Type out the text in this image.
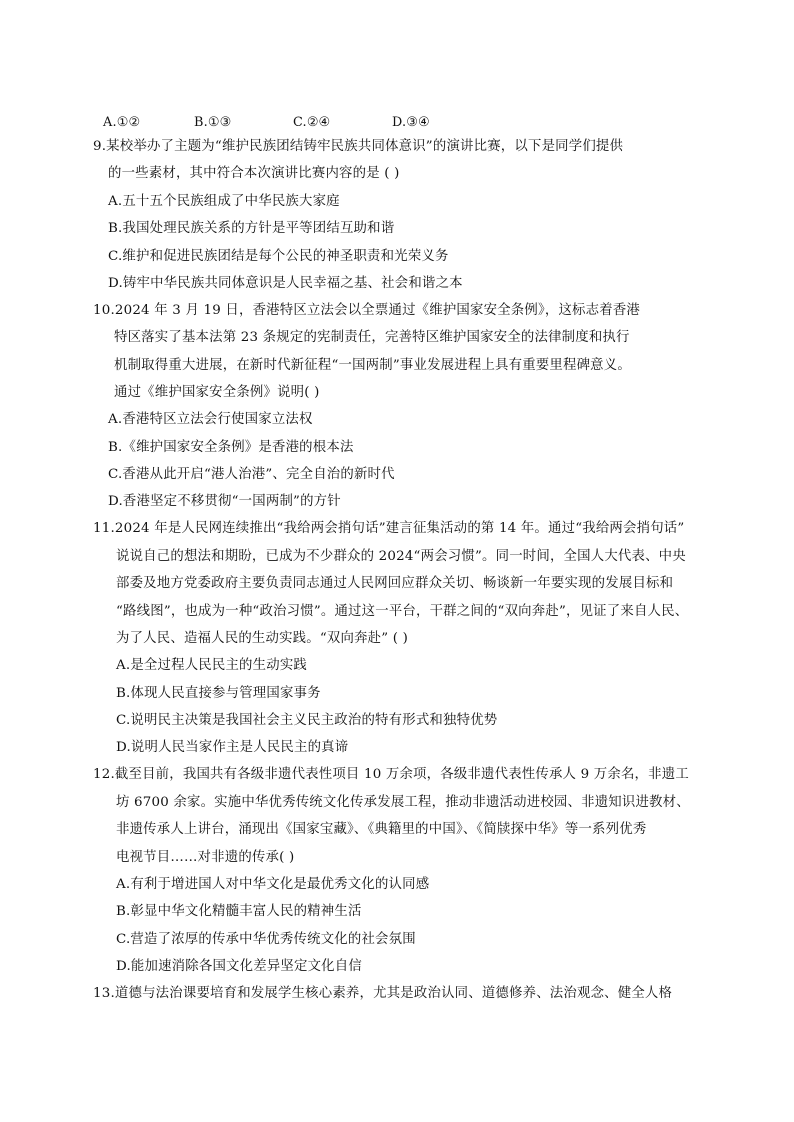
A.①②	B.①③	C.②④	D.③④
9.某校举办了主题为“维护民族团结铸牢民族共同体意识”的演讲比赛，以下是同学们提供
的一些素材，其中符合本次演讲比赛内容的是 ( )
A.五十五个民族组成了中华民族大家庭
B.我国处理民族关系的方针是平等团结互助和谐
C.维护和促进民族团结是每个公民的神圣职责和光荣义务
D.铸牢中华民族共同体意识是人民幸福之基、社会和谐之本
10.2024 年 3 月 19 日，香港特区立法会以全票通过《维护国家安全条例》，这标志着香港
特区落实了基本法第 23 条规定的宪制责任，完善特区维护国家安全的法律制度和执行
机制取得重大进展，在新时代新征程“一国两制”事业发展进程上具有重要里程碑意义。
通过《维护国家安全条例》说明( )
A.香港特区立法会行使国家立法权
B.《维护国家安全条例》是香港的根本法
C.香港从此开启“港人治港”、完全自治的新时代
D.香港坚定不移贯彻“一国两制”的方针
11.2024 年是人民网连续推出“我给两会捎句话”建言征集活动的第 14 年。通过“我给两会捎句话”
说说自己的想法和期盼，已成为不少群众的 2024“两会习惯”。同一时间，全国人大代表、中央
部委及地方党委政府主要负责同志通过人民网回应群众关切、畅谈新一年要实现的发展目标和
“路线图”，也成为一种“政治习惯”。通过这一平台，干群之间的“双向奔赴”，见证了来自人民、
为了人民、造福人民的生动实践。“双向奔赴” ( )
A.是全过程人民民主的生动实践
B.体现人民直接参与管理国家事务
C.说明民主决策是我国社会主义民主政治的特有形式和独特优势
D.说明人民当家作主是人民民主的真谛
12.截至目前，我国共有各级非遗代表性项目 10 万余项，各级非遗代表性传承人 9 万余名，非遗工
坊 6700 余家。实施中华优秀传统文化传承发展工程，推动非遗活动进校园、非遗知识进教材、
非遗传承人上讲台，涌现出《国家宝藏》、《典籍里的中国》、《简牍探中华》等一系列优秀
电视节目……对非遗的传承( )
A.有利于增进国人对中华文化是最优秀文化的认同感
B.彰显中华文化精髓丰富人民的精神生活
C.营造了浓厚的传承中华优秀传统文化的社会氛围
D.能加速消除各国文化差异坚定文化自信
13.道德与法治课要培育和发展学生核心素养，尤其是政治认同、道德修养、法治观念、健全人格
